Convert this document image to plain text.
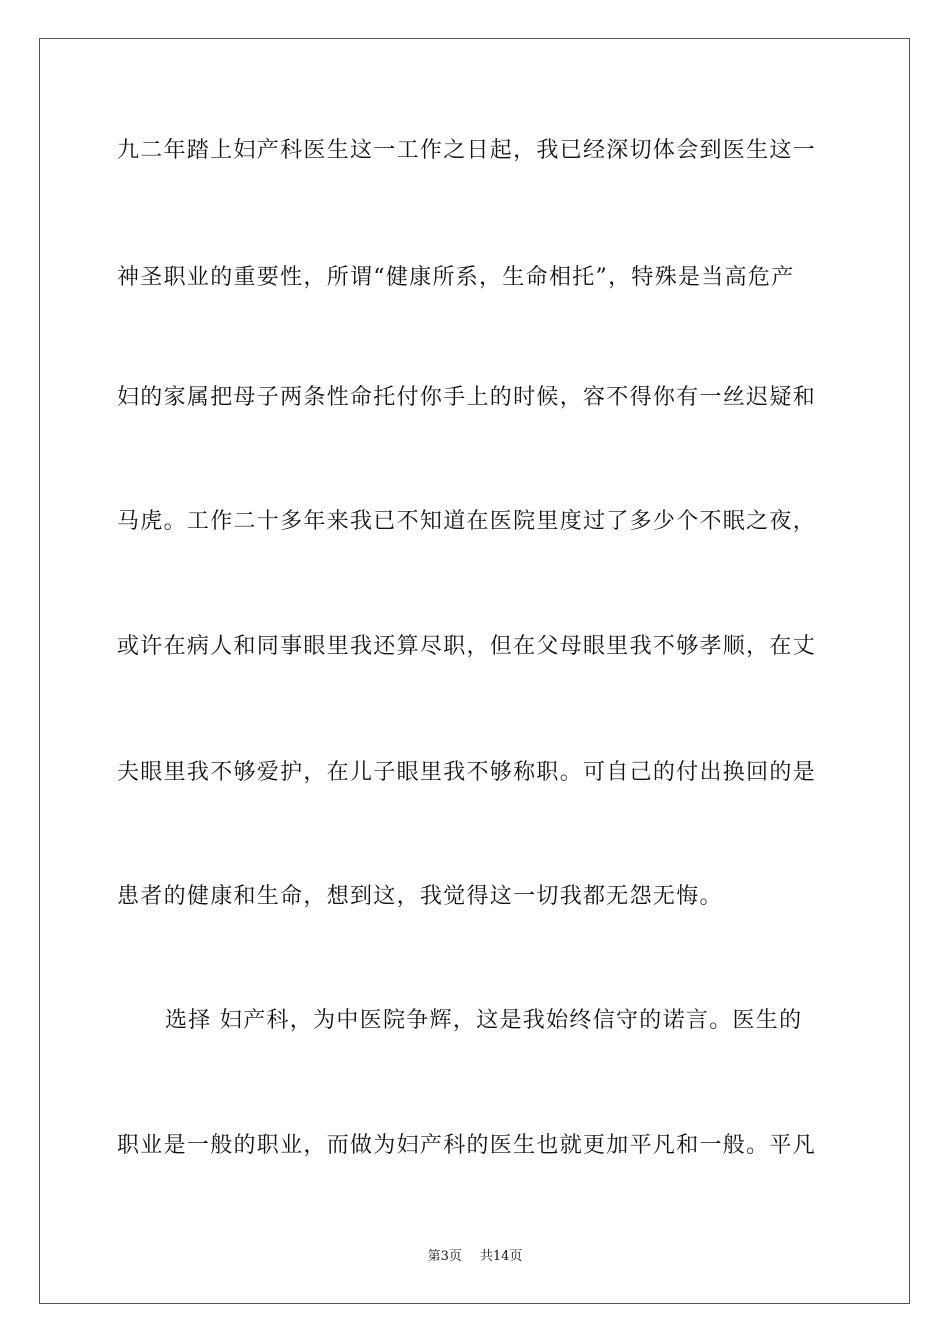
九二年踏上妇产科医生这一工作之日起，我已经深切体会到医生这一
神圣职业的重要性，所谓“健康所系，生命相托”，特殊是当高危产
妇的家属把母子两条性命托付你手上的时候，容不得你有一丝迟疑和
马虎。工作二十多年来我已不知道在医院里度过了多少个不眠之夜，
或许在病人和同事眼里我还算尽职，但在父母眼里我不够孝顺，在丈
夫眼里我不够爱护，在儿子眼里我不够称职。可自己的付出换回的是
患者的健康和生命，想到这，我觉得这一切我都无怨无悔。
选择 妇产科，为中医院争辉，这是我始终信守的诺言。医生的
职业是一般的职业，而做为妇产科的医生也就更加平凡和一般。平凡
第3页 共14页
